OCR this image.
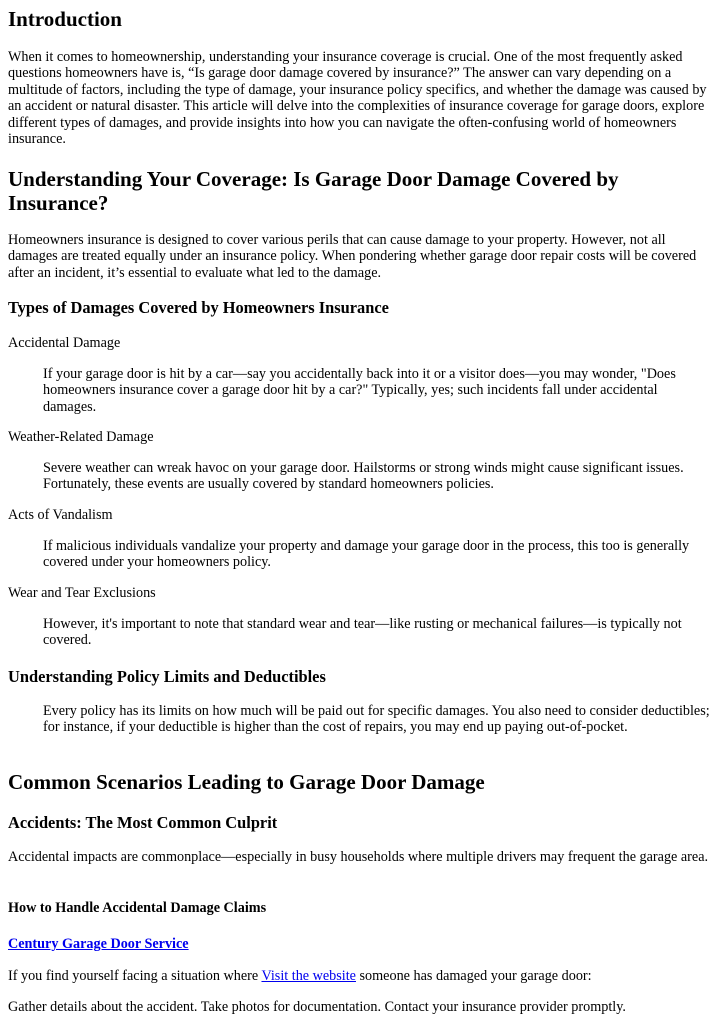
Introduction

When it comes to homeownership, understanding your insurance coverage is crucial. One of the most frequently asked questions homeowners have is, “Is garage door damage covered by insurance?” The answer can vary depending on a multitude of factors, including the type of damage, your insurance policy specifics, and whether the damage was caused by an accident or natural disaster. This article will delve into the complexities of insurance coverage for garage doors, explore different types of damages, and provide insights into how you can navigate the often-confusing world of homeowners insurance.

Understanding Your Coverage: Is Garage Door Damage Covered by Insurance?

Homeowners insurance is designed to cover various perils that can cause damage to your property. However, not all damages are treated equally under an insurance policy. When pondering whether garage door repair costs will be covered after an incident, it’s essential to evaluate what led to the damage.

Types of Damages Covered by Homeowners Insurance
Accidental Damage
If your garage door is hit by a car—say you accidentally back into it or a visitor does—you may wonder, "Does homeowners insurance cover a garage door hit by a car?" Typically, yes; such incidents fall under accidental damages.
Weather-Related Damage
Severe weather can wreak havoc on your garage door. Hailstorms or strong winds might cause significant issues. Fortunately, these events are usually covered by standard homeowners policies.
Acts of Vandalism
If malicious individuals vandalize your property and damage your garage door in the process, this too is generally covered under your homeowners policy.
Wear and Tear Exclusions
However, it's important to note that standard wear and tear—like rusting or mechanical failures—is typically not covered.
Understanding Policy Limits and Deductibles
Every policy has its limits on how much will be paid out for specific damages. You also need to consider deductibles; for instance, if your deductible is higher than the cost of repairs, you may end up paying out-of-pocket.
Common Scenarios Leading to Garage Door Damage
Accidents: The Most Common Culprit

Accidental impacts are commonplace—especially in busy households where multiple drivers may frequent the garage area.

How to Handle Accidental Damage Claims
Century Garage Door Service

If you find yourself facing a situation where Visit the website someone has damaged your garage door:

Gather details about the accident. Take photos for documentation. Contact your insurance provider promptly.
